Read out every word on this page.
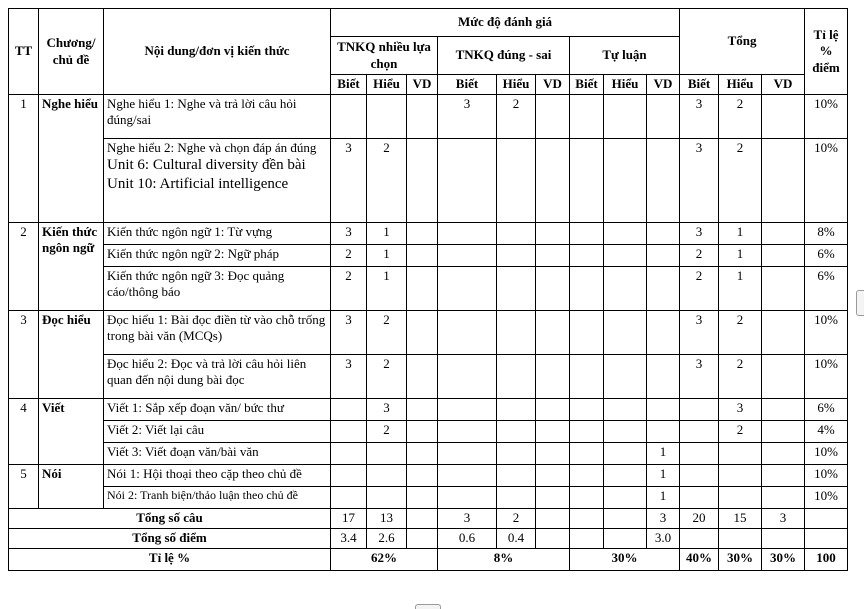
TT	Chương/ chủ đề	Nội dung/đơn vị kiến thức	Mức độ đánh giá									Tổng			Tỉ lệ % điểm
			TNKQ nhiều lựa chọn			TNKQ đúng - sai			Tự luận						
			Biết	Hiểu	VD	Biết	Hiểu	VD	Biết	Hiểu	VD	Biết	Hiểu	VD	
1	Nghe hiểu	Nghe hiểu 1: Nghe và trả lời câu hỏi đúng/sai				3	2					3	2		10%

		Nghe hiểu 2: Nghe và chọn đáp án đúng
Unit 6: Cultural diversity đền bài
Unit 10: Artificial intelligence	3	2								3	2		10%
2	Kiến thức ngôn ngữ	Kiến thức ngôn ngữ 1: Từ vựng	3	1								3	1		8%

		Kiến thức ngôn ngữ 2: Ngữ pháp	2	1								2	1		6%

		Kiến thức ngôn ngữ 3: Đọc quảng cáo/thông báo	2	1								2	1		6%
3	Đọc hiểu	Đọc hiểu 1: Bài đọc điền từ vào chỗ trống trong bài văn (MCQs)	3	2								3	2		10%

		Đọc hiểu 2: Đọc và trả lời câu hỏi liên quan đến nội dung bài đọc	3	2								3	2		10%
4	Viết	Viết 1: Sắp xếp đoạn văn/ bức thư		3									3		6%

		Viết 2: Viết lại câu		2									2		4%

		Viết 3: Viết đoạn văn/bài văn									1				10%
5	Nói	Nói 1: Hội thoại theo cặp theo chủ đề									1				10%

		Nói 2: Tranh biện/thảo luận theo chủ đề									1				10%
Tổng số câu			17	13		3	2				3	20	15	3	
Tổng số điểm			3.4	2.6		0.6	0.4				3.0				
Tỉ lệ %			62%			8%			30%			40%	30%	30%	100
